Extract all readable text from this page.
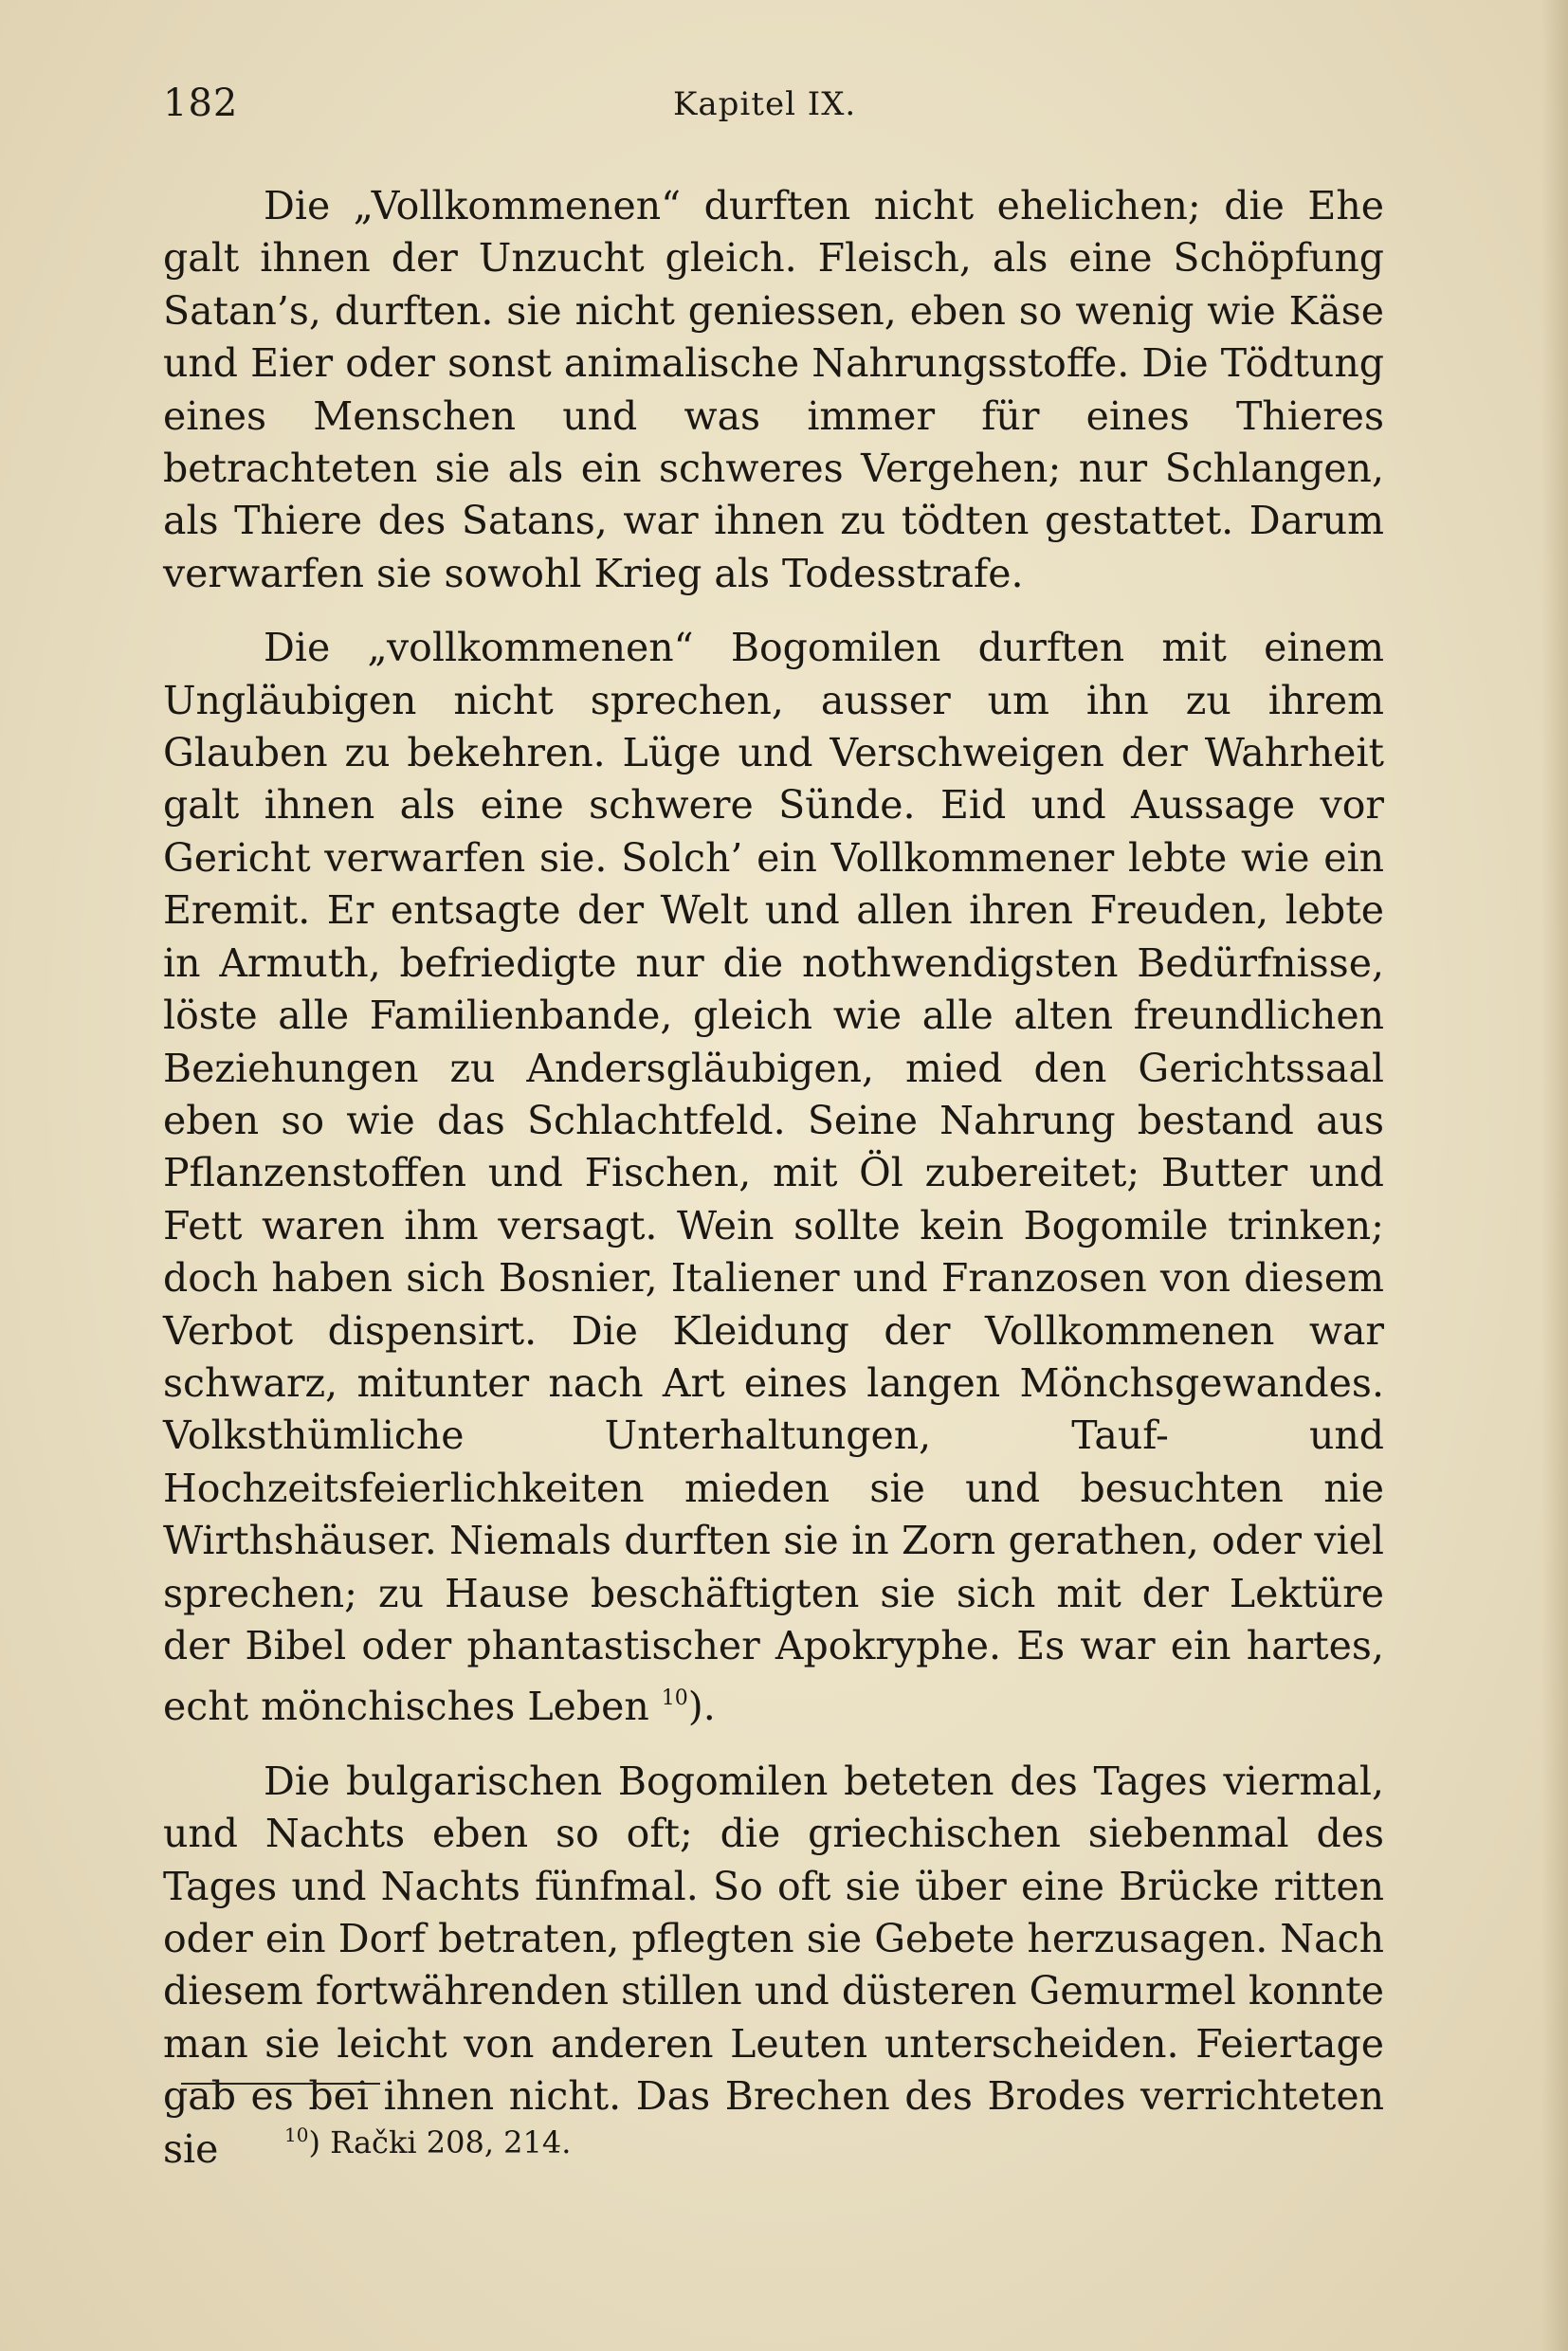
182	Kapitel IX.

Die „Vollkommenen“ durften nicht ehelichen; die Ehe galt ihnen der Unzucht gleich. Fleisch, als eine Schöpfung Satan’s, durften. sie nicht geniessen, eben so wenig wie Käse und Eier oder sonst animalische Nahrungsstoffe. Die Tödtung eines Menschen und was immer für eines Thieres betrachteten sie als ein schweres Vergehen; nur Schlangen, als Thiere des Satans, war ihnen zu tödten gestattet. Darum verwarfen sie sowohl Krieg als Todesstrafe.

Die „vollkommenen“ Bogomilen durften mit einem Ungläubigen nicht sprechen, ausser um ihn zu ihrem Glauben zu bekehren. Lüge und Verschweigen der Wahrheit galt ihnen als eine schwere Sünde. Eid und Aussage vor Gericht verwarfen sie. Solch’ ein Vollkommener lebte wie ein Eremit. Er entsagte der Welt und allen ihren Freuden, lebte in Armuth, befriedigte nur die nothwendigsten Bedürfnisse, löste alle Familienbande, gleich wie alle alten freundlichen Beziehungen zu Andersgläubigen, mied den Gerichtssaal eben so wie das Schlachtfeld. Seine Nahrung bestand aus Pflanzenstoffen und Fischen, mit Öl zubereitet; Butter und Fett waren ihm versagt. Wein sollte kein Bogomile trinken; doch haben sich Bosnier, Italiener und Franzosen von diesem Verbot dispensirt. Die Kleidung der Vollkommenen war schwarz, mitunter nach Art eines langen Mönchsgewandes. Volksthümliche Unterhaltungen, Tauf- und Hochzeitsfeierlichkeiten mieden sie und besuchten nie Wirthshäuser. Niemals durften sie in Zorn gerathen, oder viel sprechen; zu Hause beschäftigten sie sich mit der Lektüre der Bibel oder phantastischer Apokryphe. Es war ein hartes, echt mönchisches Leben $^{10}$).

Die bulgarischen Bogomilen beteten des Tages viermal, und Nachts eben so oft; die griechischen siebenmal des Tages und Nachts fünfmal. So oft sie über eine Brücke ritten oder ein Dorf betraten, pflegten sie Gebete herzusagen. Nach diesem fortwährenden stillen und düsteren Gemurmel konnte man sie leicht von anderen Leuten unterscheiden. Feiertage gab es bei ihnen nicht. Das Brechen des Brodes verrichteten sie	$^{10}$) Rački 208, 214.
